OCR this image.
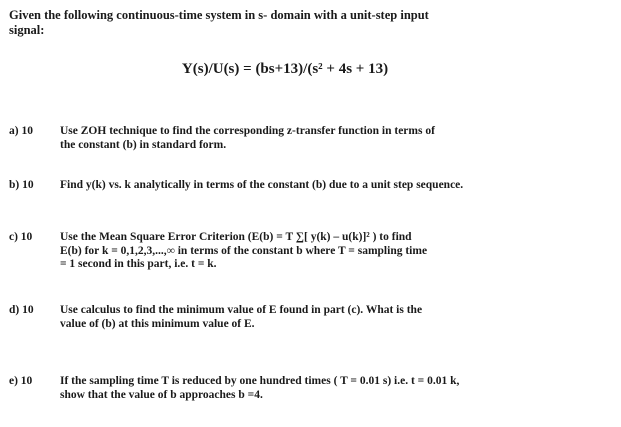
Given the following continuous-time system in s- domain with a unit-step input
signal:
Y(s)/U(s) = (bs+13)/(s² + 4s + 13)
a) 10	Use ZOH technique to find the corresponding z-transfer function in terms of
the constant (b) in standard form.
b) 10	Find y(k) vs. k analytically in terms of the constant (b) due to a unit step sequence.
c) 10	Use the Mean Square Error Criterion (E(b) = T ∑[ y(k) – u(k)]² ) to find
E(b) for k = 0,1,2,3,...,∞ in terms of the constant b where T = sampling time
= 1 second in this part, i.e. t = k.
d) 10	Use calculus to find the minimum value of E found in part (c). What is the
value of (b) at this minimum value of E.
e) 10	If the sampling time T is reduced by one hundred times ( T = 0.01 s) i.e. t = 0.01 k,
show that the value of b approaches b =4.
